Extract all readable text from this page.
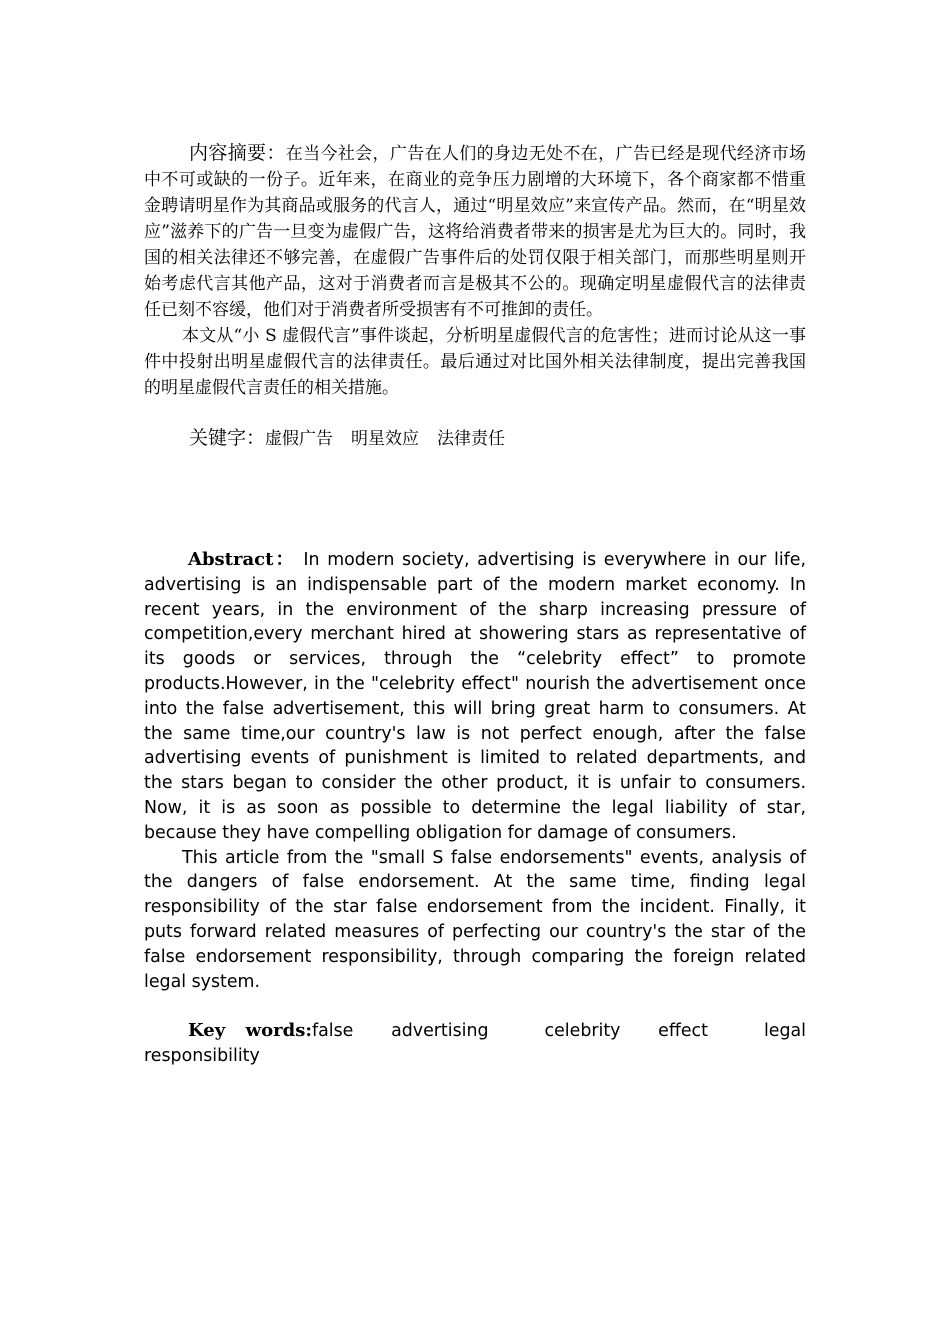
内容摘要：在当今社会，广告在人们的身边无处不在，广告已经是现代经济市场中不可或缺的一份子。近年来，在商业的竞争压力剧增的大环境下，各个商家都不惜重金聘请明星作为其商品或服务的代言人，通过“明星效应”来宣传产品。然而，在“明星效应”滋养下的广告一旦变为虚假广告，这将给消费者带来的损害是尤为巨大的。同时，我国的相关法律还不够完善，在虚假广告事件后的处罚仅限于相关部门，而那些明星则开始考虑代言其他产品，这对于消费者而言是极其不公的。现确定明星虚假代言的法律责任已刻不容缓，他们对于消费者所受损害有不可推卸的责任。

本文从“小 S 虚假代言”事件谈起，分析明星虚假代言的危害性；进而讨论从这一事件中投射出明星虚假代言的法律责任。最后通过对比国外相关法律制度，提出完善我国的明星虚假代言责任的相关措施。

关键字：虚假广告 明星效应 法律责任

Abstract： In modern society, advertising is everywhere in our life, advertising is an indispensable part of the modern market economy. In recent years, in the environment of the sharp increasing pressure of competition,every merchant hired at showering stars as representative of its goods or services, through the “celebrity effect” to promote products.However, in the "celebrity effect" nourish the advertisement once into the false advertisement, this will bring great harm to consumers. At the same time,our country's law is not perfect enough, after the false advertising events of punishment is limited to related departments, and the stars began to consider the other product, it is unfair to consumers. Now, it is as soon as possible to determine the legal liability of star, because they have compelling obligation for damage of consumers.

This article from the "small S false endorsements" events, analysis of the dangers of false endorsement. At the same time, finding legal responsibility of the star false endorsement from the incident. Finally, it puts forward related measures of perfecting our country's the star of the false endorsement responsibility, through comparing the foreign related legal system.

Key words:false advertising	celebrity effect	legal responsibility
